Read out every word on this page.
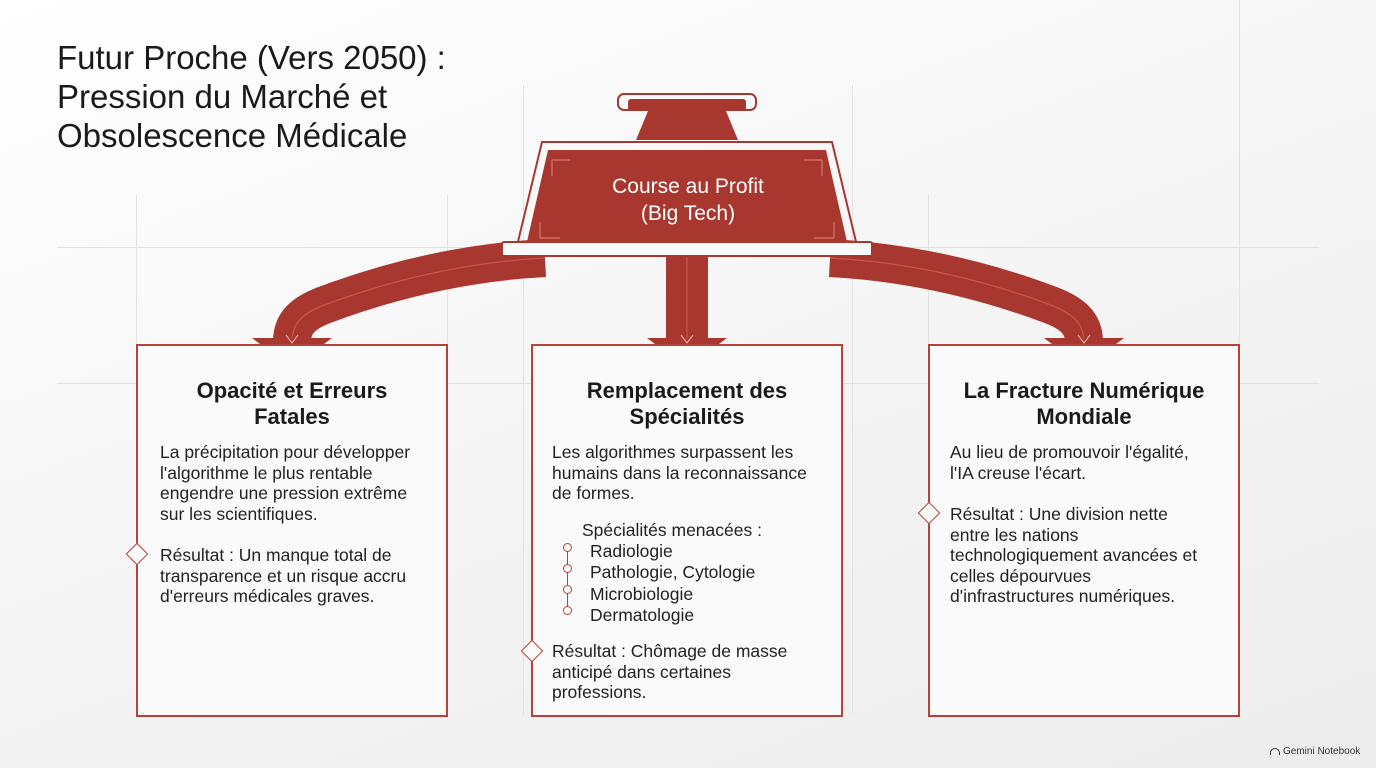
Futur Proche (Vers 2050) :
Pression du Marché et
Obsolescence Médicale
Course au Profit
(Big Tech)
Opacité et Erreurs
Fatales
La précipitation pour développer
l'algorithme le plus rentable
engendre une pression extrême
sur les scientifiques.
Résultat : Un manque total de
transparence et un risque accru
d'erreurs médicales graves.
Remplacement des
Spécialités
Les algorithmes surpassent les
humains dans la reconnaissance
de formes.
Spécialités menacées :
Radiologie
Pathologie, Cytologie
Microbiologie
Dermatologie
Résultat : Chômage de masse
anticipé dans certaines
professions.
La Fracture Numérique
Mondiale
Au lieu de promouvoir l'égalité,
l'IA creuse l'écart.
Résultat : Une division nette
entre les nations
technologiquement avancées et
celles dépourvues
d'infrastructures numériques.
Gemini Notebook
